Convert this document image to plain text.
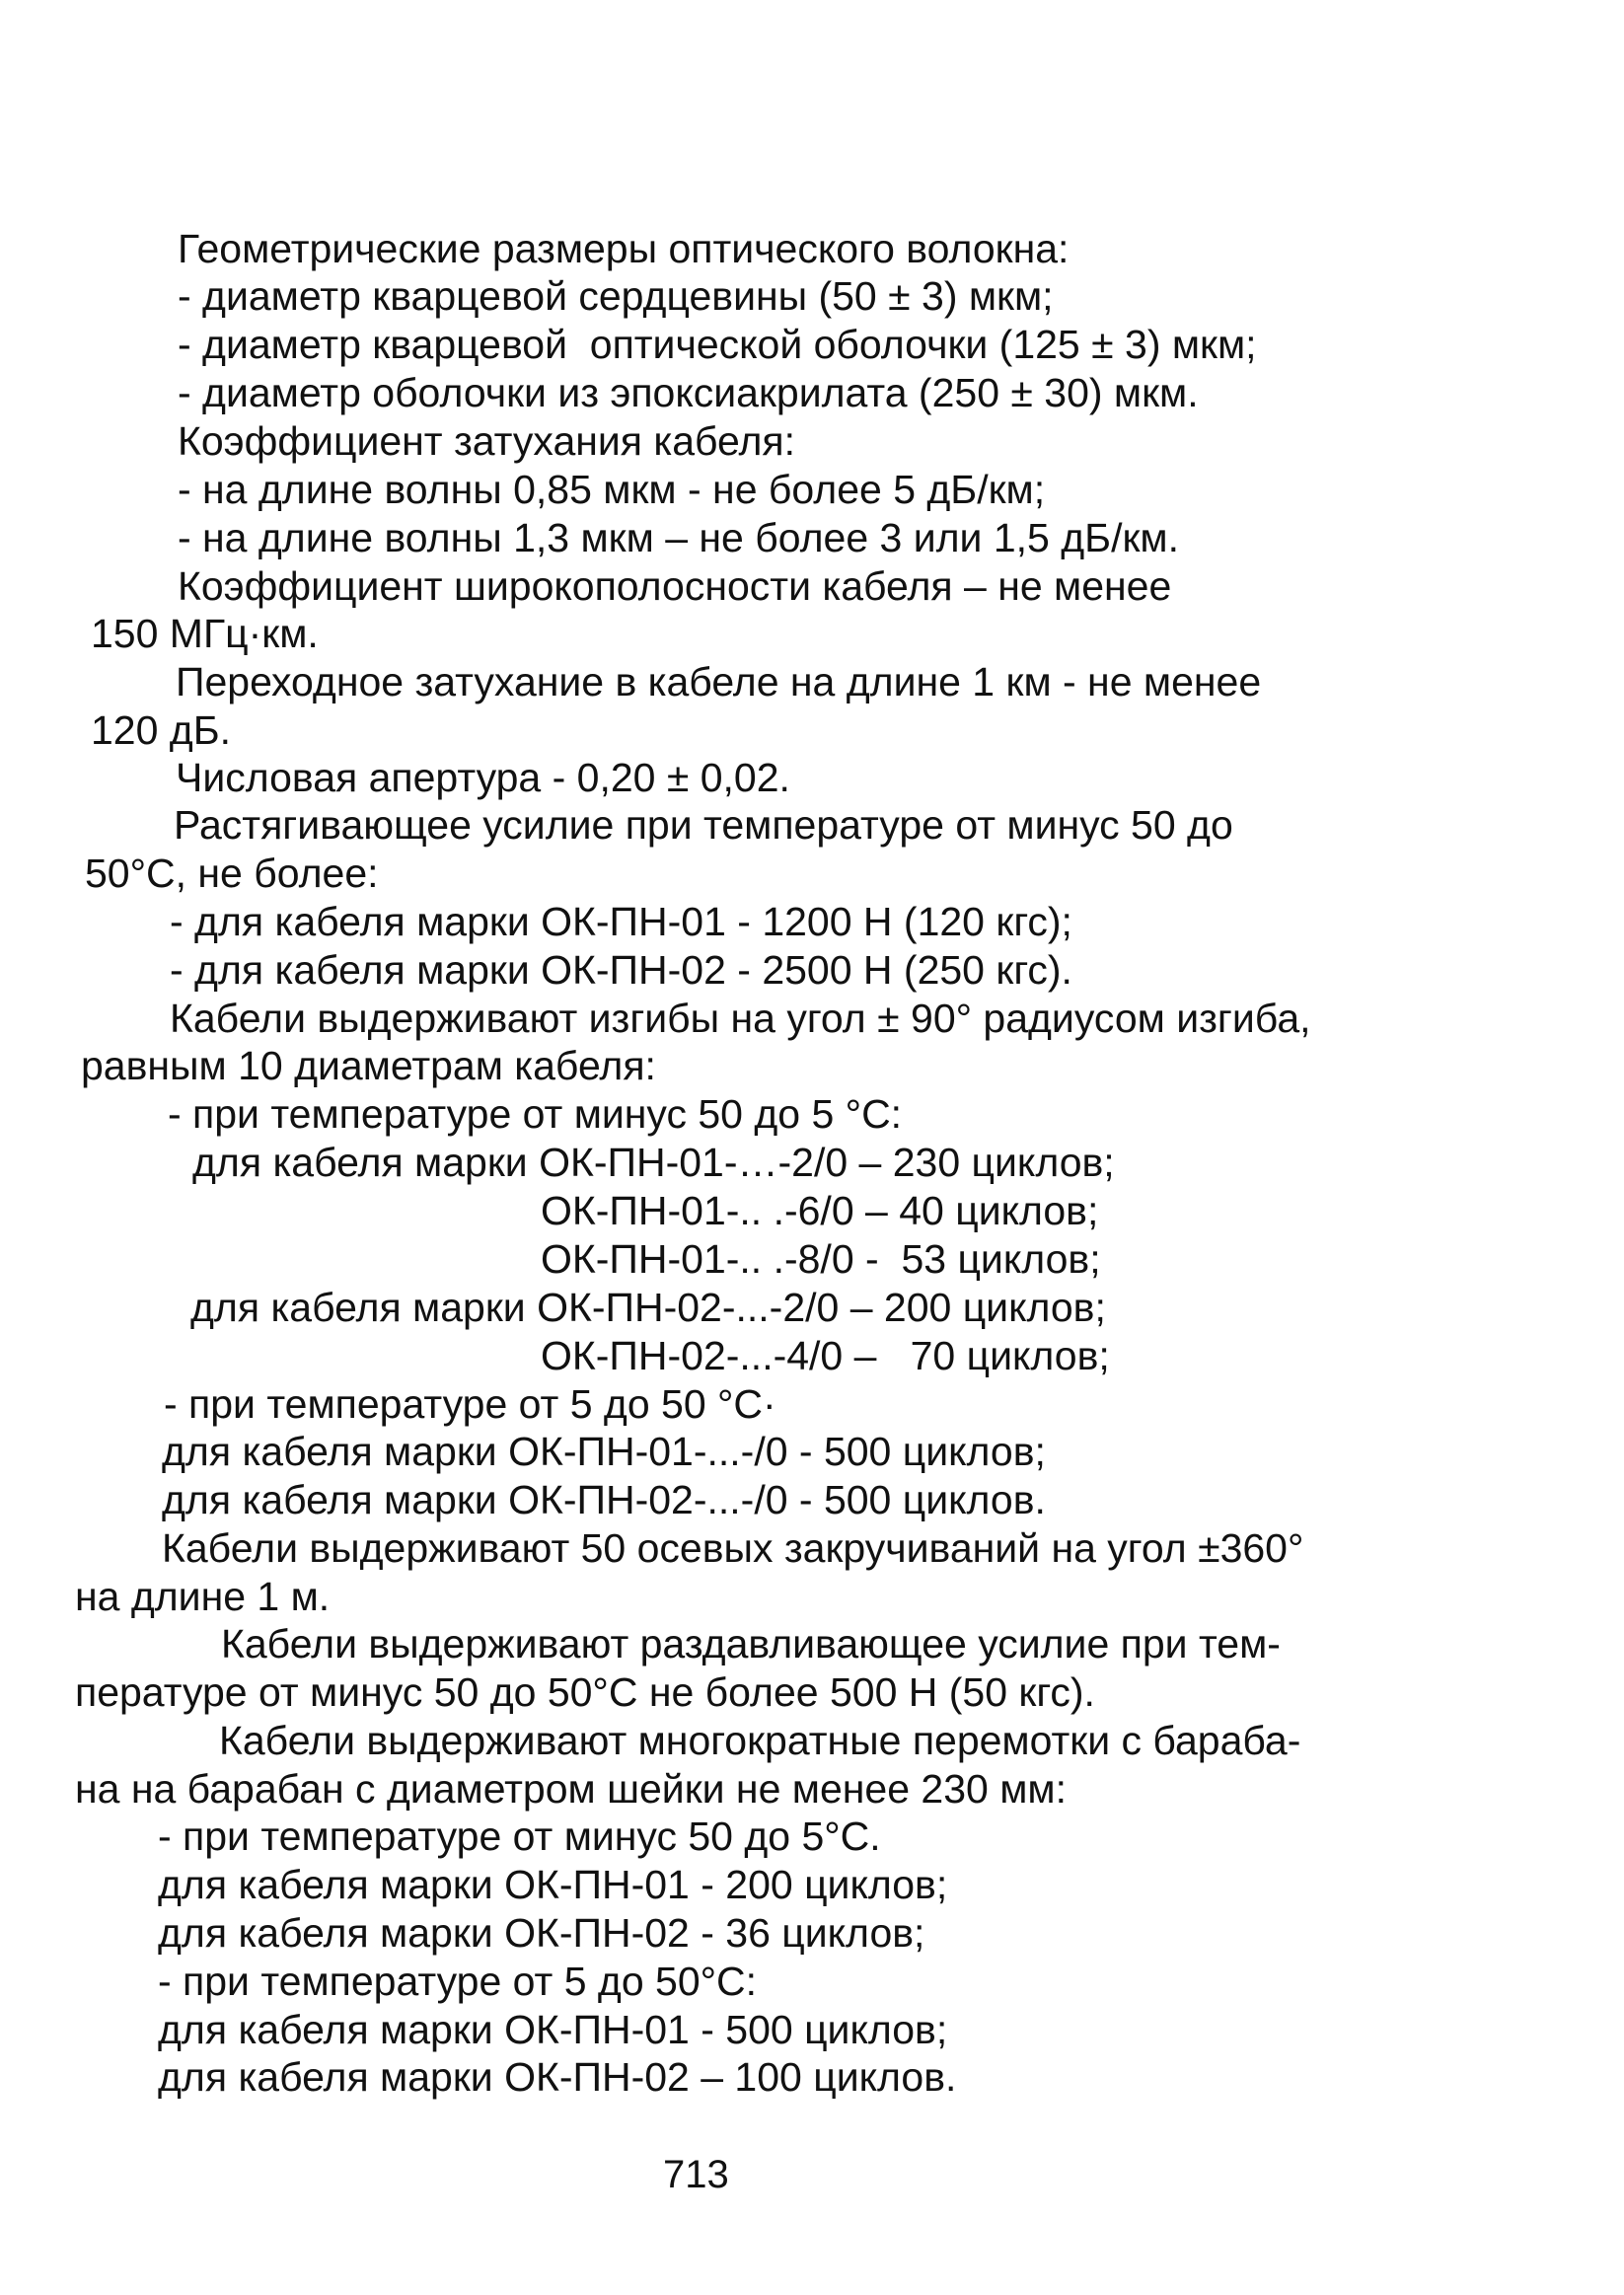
Геометрические размеры оптического волокна:
- диаметр кварцевой сердцевины (50 ± 3) мкм;
- диаметр кварцевой  оптической оболочки (125 ± 3) мкм;
- диаметр оболочки из эпоксиакрилата (250 ± 30) мкм.
Коэффициент затухания кабеля:
- на длине волны 0,85 мкм - не более 5 дБ/км;
- на длине волны 1,3 мкм – не более 3 или 1,5 дБ/км.
Коэффициент широкополосности кабеля – не менее
150 МГц·км.
Переходное затухание в кабеле на длине 1 км - не менее
120 дБ.
Числовая апертура - 0,20 ± 0,02.
Растягивающее усилие при температуре от минус 50 до
50°С, не более:
- для кабеля марки ОК-ПН-01 - 1200 Н (120 кгс);
- для кабеля марки ОК-ПН-02 - 2500 Н (250 кгс).
Кабели выдерживают изгибы на угол ± 90° радиусом изгиба,
равным 10 диаметрам кабеля:
- при температуре от минус 50 до 5 °С:
для кабеля марки ОК-ПН-01-…-2/0 – 230 циклов;
ОК-ПН-01-.. .-6/0 – 40 циклов;
ОК-ПН-01-.. .-8/0 -  53 циклов;
для кабеля марки ОК-ПН-02-...-2/0 – 200 циклов;
ОК-ПН-02-...-4/0 –   70 циклов;
- при температуре от 5 до 50 °С·
для кабеля марки ОК-ПН-01-...-/0 - 500 циклов;
для кабеля марки ОК-ПН-02-...-/0 - 500 циклов.
Кабели выдерживают 50 осевых закручиваний на угол ±360°
на длине 1 м.
Кабели выдерживают раздавливающее усилие при тем-
пературе от минус 50 до 50°С не более 500 Н (50 кгс).
Кабели выдерживают многократные перемотки с бараба-
на на барабан с диаметром шейки не менее 230 мм:
- при температуре от минус 50 до 5°С.
для кабеля марки ОК-ПН-01 - 200 циклов;
для кабеля марки ОК-ПН-02 - 36 циклов;
- при температуре от 5 до 50°С:
для кабеля марки ОК-ПН-01 - 500 циклов;
для кабеля марки ОК-ПН-02 – 100 циклов.
713
